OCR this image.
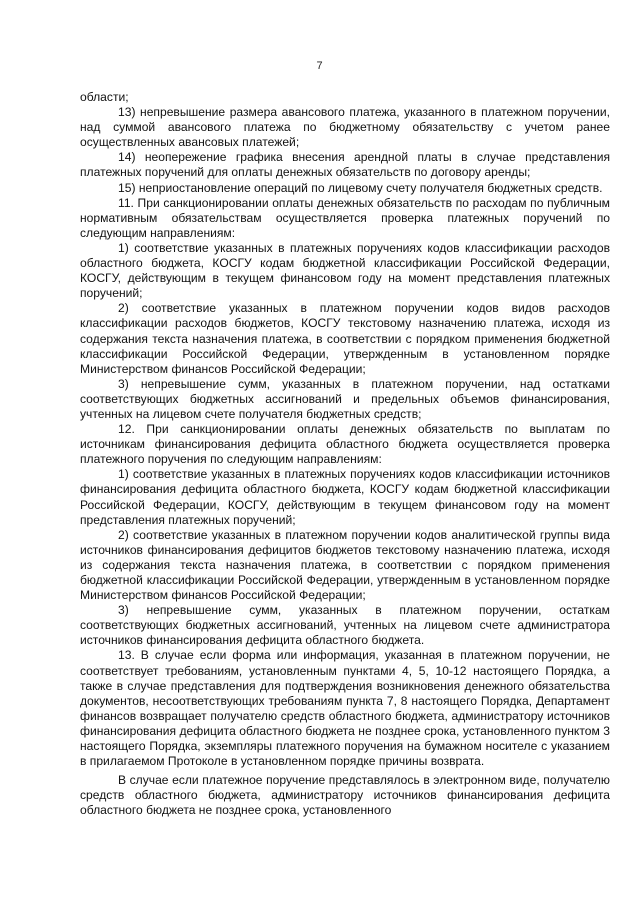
7

области;

13) непревышение размера авансового платежа, указанного в платежном поручении, над суммой авансового платежа по бюджетному обязательству с учетом ранее осуществленных авансовых платежей;

14) неопережение графика внесения арендной платы в случае представления платежных поручений для оплаты денежных обязательств по договору аренды;

15) неприостановление операций по лицевому счету получателя бюджетных средств.

11. При санкционировании оплаты денежных обязательств по расходам по публичным нормативным обязательствам осуществляется проверка платежных поручений по следующим направлениям:

1) соответствие указанных в платежных поручениях кодов классификации расходов областного бюджета, КОСГУ кодам бюджетной классификации Российской Федерации, КОСГУ, действующим в текущем финансовом году на момент представления платежных поручений;

2) соответствие указанных в платежном поручении кодов видов расходов классификации расходов бюджетов, КОСГУ текстовому назначению платежа, исходя из содержания текста назначения платежа, в соответствии с порядком применения бюджетной классификации Российской Федерации, утвержденным в установленном порядке Министерством финансов Российской Федерации;

3) непревышение сумм, указанных в платежном поручении, над остатками соответствующих бюджетных ассигнований и предельных объемов финансирования, учтенных на лицевом счете получателя бюджетных средств;

12. При санкционировании оплаты денежных обязательств по выплатам по источникам финансирования дефицита областного бюджета осуществляется проверка платежного поручения по следующим направлениям:

1) соответствие указанных в платежных поручениях кодов классификации источников финансирования дефицита областного бюджета, КОСГУ кодам бюджетной классификации Российской Федерации, КОСГУ, действующим в текущем финансовом году на момент представления платежных поручений;

2) соответствие указанных в платежном поручении кодов аналитической группы вида источников финансирования дефицитов бюджетов текстовому назначению платежа, исходя из содержания текста назначения платежа, в соответствии с порядком применения бюджетной классификации Российской Федерации, утвержденным в установленном порядке Министерством финансов Российской Федерации;

3) непревышение сумм, указанных в платежном поручении, остаткам соответствующих бюджетных ассигнований, учтенных на лицевом счете администратора источников финансирования дефицита областного бюджета.

13. В случае если форма или информация, указанная в платежном поручении, не соответствует требованиям, установленным пунктами 4, 5, 10-12 настоящего Порядка, а также в случае представления для подтверждения возникновения денежного обязательства документов, несоответствующих требованиям пункта 7, 8 настоящего Порядка, Департамент финансов возвращает получателю средств областного бюджета, администратору источников финансирования дефицита областного бюджета не позднее срока, установленного пунктом 3 настоящего Порядка, экземпляры платежного поручения на бумажном носителе с указанием в прилагаемом Протоколе в установленном порядке причины возврата.

В случае если платежное поручение представлялось в электронном виде, получателю средств областного бюджета, администратору источников финансирования дефицита областного бюджета не позднее срока, установленного
